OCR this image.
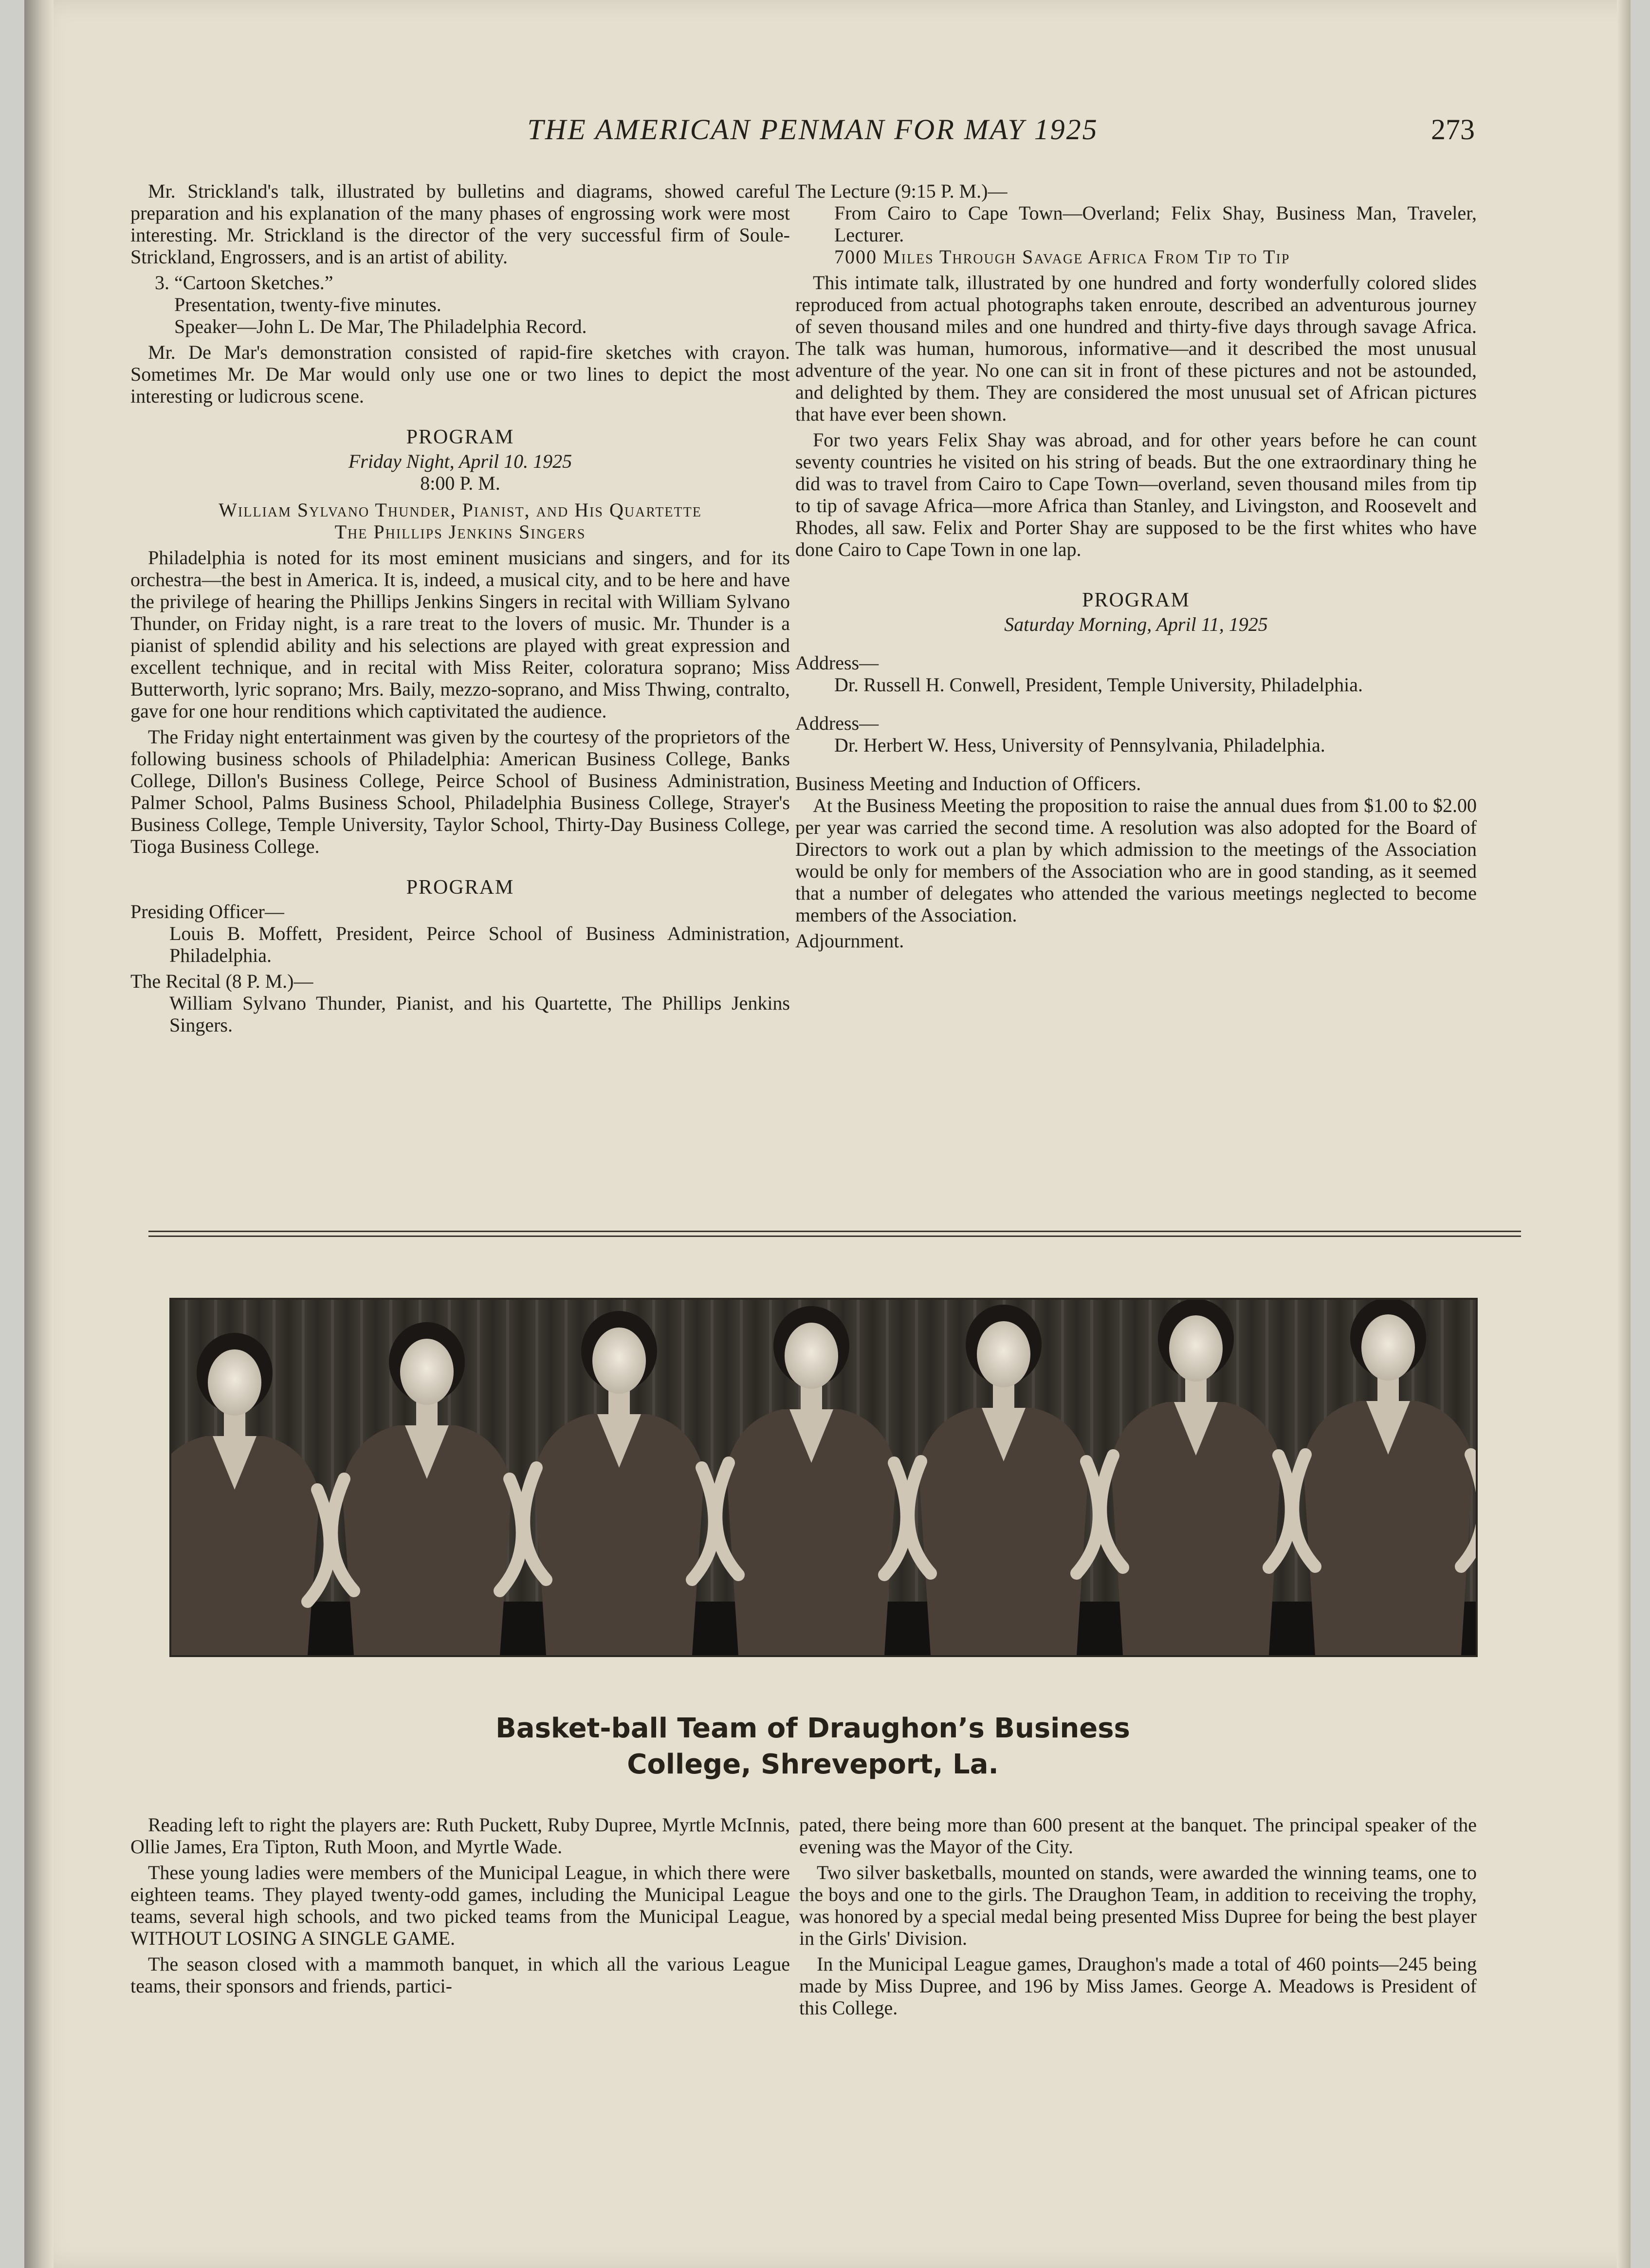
THE AMERICAN PENMAN FOR MAY 1925	273

Mr. Strickland's talk, illustrated by bulletins and diagrams, showed careful preparation and his explanation of the many phases of engrossing work were most interesting. Mr. Strickland is the director of the very successful firm of Soule-Strickland, Engrossers, and is an artist of ability.

3. “Cartoon Sketches.”

Presentation, twenty-five minutes.

Speaker—John L. De Mar, The Philadelphia Record.

Mr. De Mar's demonstration consisted of rapid-fire sketches with crayon. Sometimes Mr. De Mar would only use one or two lines to depict the most interesting or ludicrous scene.

PROGRAM
Friday Night, April 10. 1925
8:00 P. M.
William Sylvano Thunder, Pianist, and His Quartette
The Phillips Jenkins Singers

Philadelphia is noted for its most eminent musicians and singers, and for its orchestra—the best in America. It is, indeed, a musical city, and to be here and have the privilege of hearing the Phillips Jenkins Singers in recital with William Sylvano Thunder, on Friday night, is a rare treat to the lovers of music. Mr. Thunder is a pianist of splendid ability and his selections are played with great expression and excellent technique, and in recital with Miss Reiter, coloratura soprano; Miss Butterworth, lyric soprano; Mrs. Baily, mezzo-soprano, and Miss Thwing, contralto, gave for one hour renditions which captivitated the audience.

The Friday night entertainment was given by the courtesy of the proprietors of the following business schools of Philadelphia: American Business College, Banks College, Dillon's Business College, Peirce School of Business Administration, Palmer School, Palms Business School, Philadelphia Business College, Strayer's Business College, Temple University, Taylor School, Thirty-Day Business College, Tioga Business College.

PROGRAM

Presiding Officer—

Louis B. Moffett, President, Peirce School of Business Administration, Philadelphia.

The Recital (8 P. M.)—

William Sylvano Thunder, Pianist, and his Quartette, The Phillips Jenkins Singers.

The Lecture (9:15 P. M.)—

From Cairo to Cape Town—Overland; Felix Shay, Business Man, Traveler, Lecturer.

7000 Miles Through Savage Africa From Tip to Tip

This intimate talk, illustrated by one hundred and forty wonderfully colored slides reproduced from actual photographs taken enroute, described an adventurous journey of seven thousand miles and one hundred and thirty-five days through savage Africa. The talk was human, humorous, informative—and it described the most unusual adventure of the year. No one can sit in front of these pictures and not be astounded, and delighted by them. They are considered the most unusual set of African pictures that have ever been shown.

For two years Felix Shay was abroad, and for other years before he can count seventy countries he visited on his string of beads. But the one extraordinary thing he did was to travel from Cairo to Cape Town—overland, seven thousand miles from tip to tip of savage Africa—more Africa than Stanley, and Livingston, and Roosevelt and Rhodes, all saw. Felix and Porter Shay are supposed to be the first whites who have done Cairo to Cape Town in one lap.

PROGRAM
Saturday Morning, April 11, 1925

Address—

Dr. Russell H. Conwell, President, Temple University, Philadelphia.

Address—

Dr. Herbert W. Hess, University of Pennsylvania, Philadelphia.

Business Meeting and Induction of Officers.

At the Business Meeting the proposition to raise the annual dues from $1.00 to $2.00 per year was carried the second time. A resolution was also adopted for the Board of Directors to work out a plan by which admission to the meetings of the Association would be only for members of the Association who are in good standing, as it seemed that a number of delegates who attended the various meetings neglected to become members of the Association.

Adjournment.

Basket-ball Team of Draughon’s Business
College, Shreveport, La.

Reading left to right the players are: Ruth Puckett, Ruby Dupree, Myrtle McInnis, Ollie James, Era Tipton, Ruth Moon, and Myrtle Wade.

These young ladies were members of the Municipal League, in which there were eighteen teams. They played twenty-odd games, including the Municipal League teams, several high schools, and two picked teams from the Municipal League, WITHOUT LOSING A SINGLE GAME.

The season closed with a mammoth banquet, in which all the various League teams, their sponsors and friends, partici-

pated, there being more than 600 present at the banquet. The principal speaker of the evening was the Mayor of the City.

Two silver basketballs, mounted on stands, were awarded the winning teams, one to the boys and one to the girls. The Draughon Team, in addition to receiving the trophy, was honored by a special medal being presented Miss Dupree for being the best player in the Girls' Division.

In the Municipal League games, Draughon's made a total of 460 points—245 being made by Miss Dupree, and 196 by Miss James. George A. Meadows is President of this College.
